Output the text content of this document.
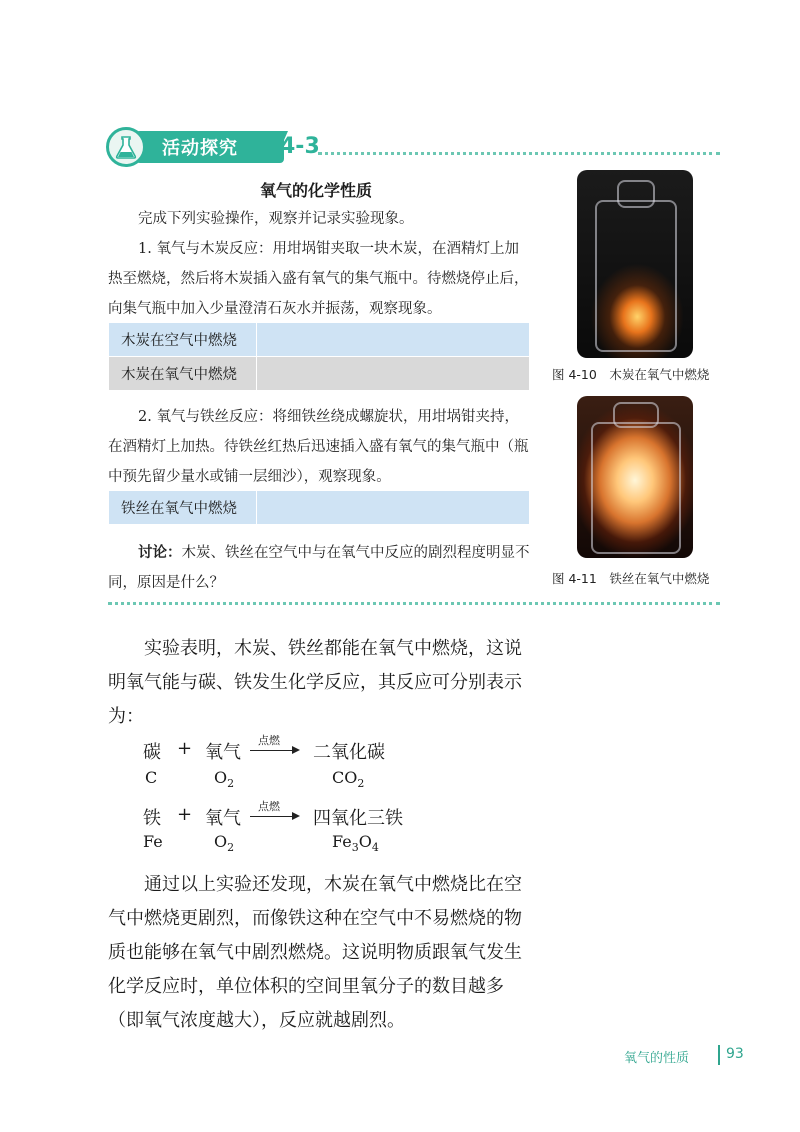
活动探究 4-3
氧气的化学性质
完成下列实验操作，观察并记录实验现象。
1. 氧气与木炭反应：用坩埚钳夹取一块木炭，在酒精灯上加热至燃烧，然后将木炭插入盛有氧气的集气瓶中。待燃烧停止后，向集气瓶中加入少量澄清石灰水并振荡，观察现象。
木炭在空气中燃烧	
木炭在氧气中燃烧	
2. 氧气与铁丝反应：将细铁丝绕成螺旋状，用坩埚钳夹持，在酒精灯上加热。待铁丝红热后迅速插入盛有氧气的集气瓶中（瓶中预先留少量水或铺一层细沙），观察现象。
铁丝在氧气中燃烧	
讨论：木炭、铁丝在空气中与在氧气中反应的剧烈程度明显不同，原因是什么？
图 4-10　木炭在氧气中燃烧
图 4-11　铁丝在氧气中燃烧
实验表明，木炭、铁丝都能在氧气中燃烧，这说明氧气能与碳、铁发生化学反应，其反应可分别表示为：
碳 + 氧气
点燃
→ 二氧化碳
C	$O_2$	$CO_2$
铁 + 氧气
点燃
→ 四氧化三铁
Fe	$O_2$	$Fe_3O_4$
通过以上实验还发现，木炭在氧气中燃烧比在空气中燃烧更剧烈，而像铁这种在空气中不易燃烧的物质也能够在氧气中剧烈燃烧。这说明物质跟氧气发生化学反应时，单位体积的空间里氧分子的数目越多（即氧气浓度越大），反应就越剧烈。
氧气的性质	93
